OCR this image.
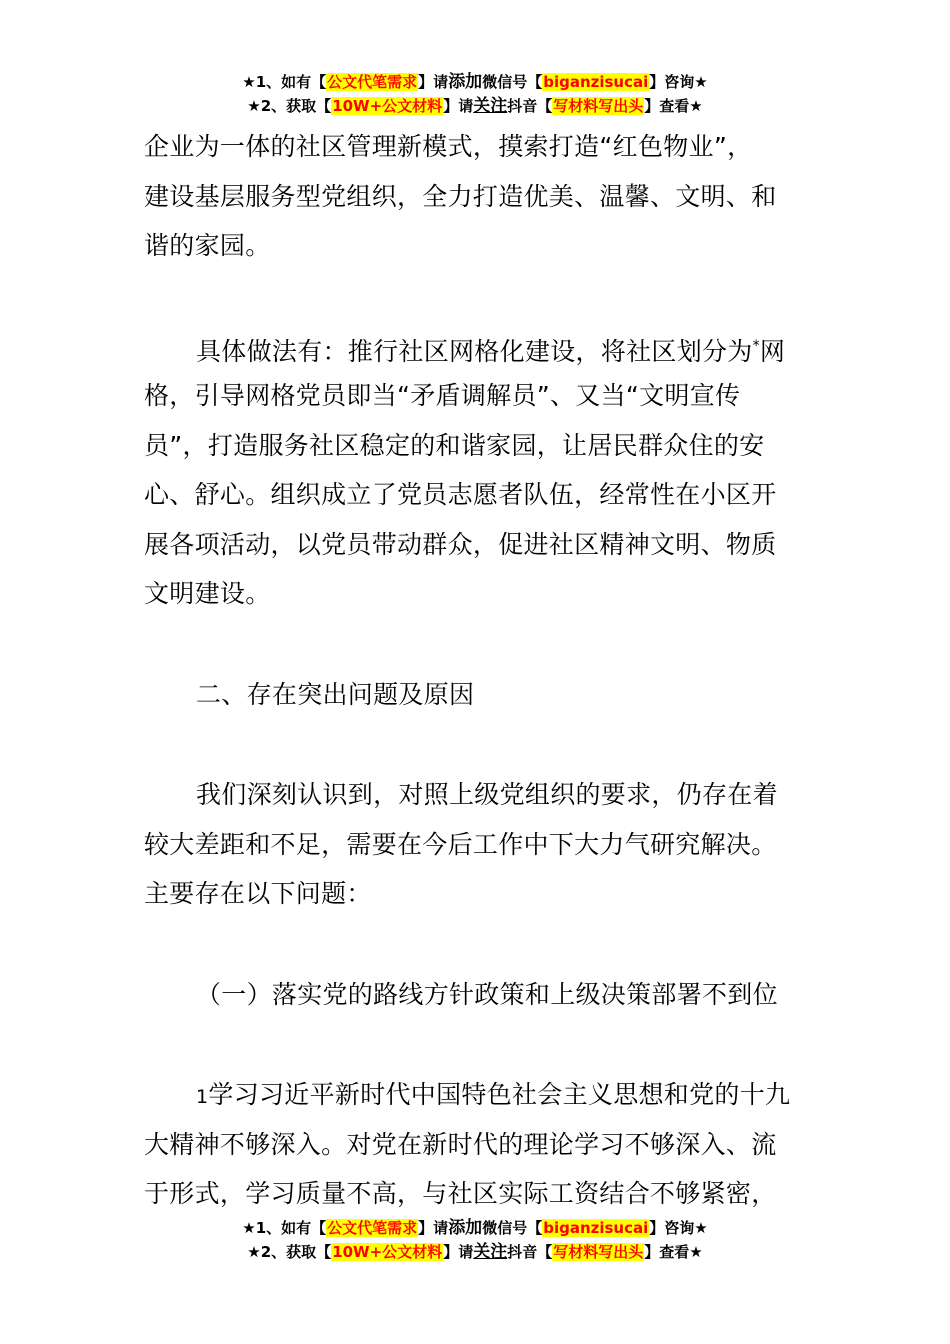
★1、如有【公文代笔需求】请添加微信号【biganzisucai】咨询★
★2、获取【10W+公文材料】请关注抖音【写材料写出头】查看★
企业为一体的社区管理新模式，摸索打造“红色物业”，
建设基层服务型党组织，全力打造优美、温馨、文明、和
谐的家园。
具体做法有：推行社区网格化建设，将社区划分为*网
格，引导网格党员即当“矛盾调解员”、又当“文明宣传
员”，打造服务社区稳定的和谐家园，让居民群众住的安
心、舒心。组织成立了党员志愿者队伍，经常性在小区开
展各项活动，以党员带动群众，促进社区精神文明、物质
文明建设。
二、存在突出问题及原因
我们深刻认识到，对照上级党组织的要求，仍存在着
较大差距和不足，需要在今后工作中下大力气研究解决。
主要存在以下问题：
（一）落实党的路线方针政策和上级决策部署不到位
1学习习近平新时代中国特色社会主义思想和党的十九
大精神不够深入。对党在新时代的理论学习不够深入、流
于形式，学习质量不高，与社区实际工资结合不够紧密，
★1、如有【公文代笔需求】请添加微信号【biganzisucai】咨询★
★2、获取【10W+公文材料】请关注抖音【写材料写出头】查看★
